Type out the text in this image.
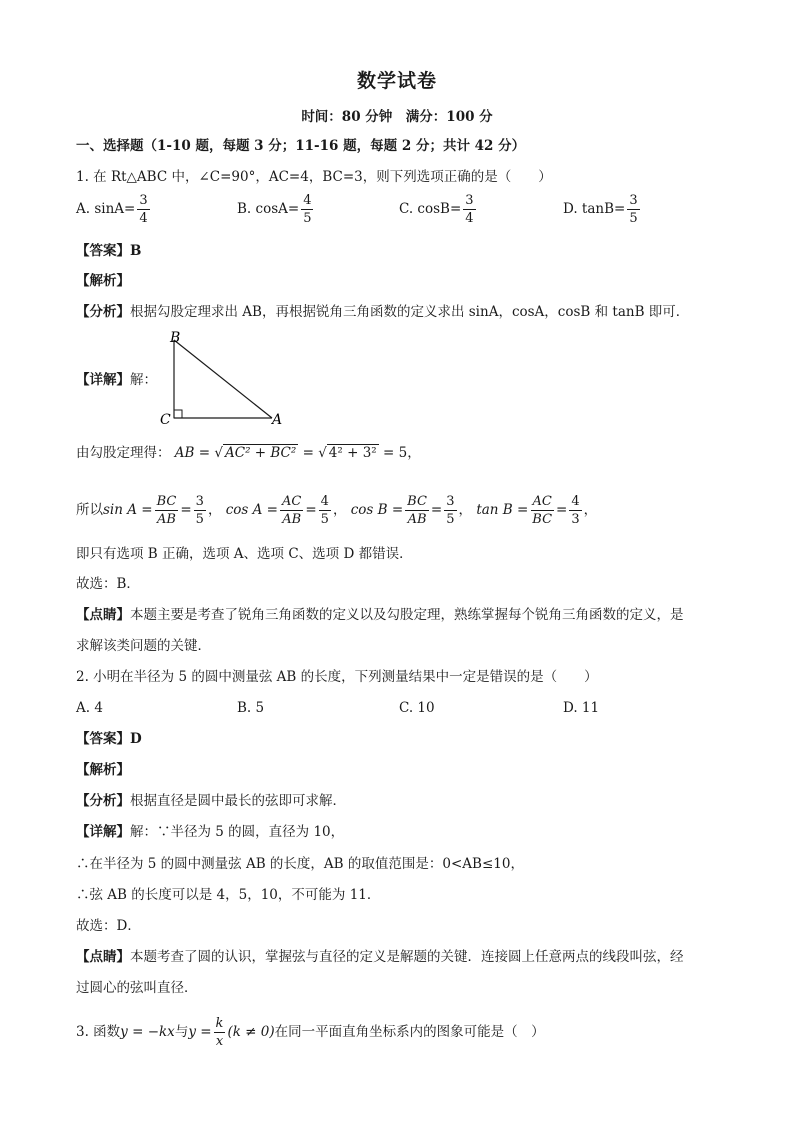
数学试卷
时间：80 分钟　满分：100 分
一、选择题（1-10 题，每题 3 分；11-16 题，每题 2 分；共计 42 分）
1. 在 Rt△ABC 中，∠C=90°，AC=4，BC=3，则下列选项正确的是（　　）
A. $\sin A= \frac{3}{4}$	B. $\cos A= \frac{4}{5}$	C. $\cos B= \frac{3}{4}$	D. $\tan B= \frac{3}{5}$
【答案】B
【解析】
【分析】根据勾股定理求出 AB，再根据锐角三角函数的定义求出 sinA，cosA，cosB 和 tanB 即可．
【详解】解：
B
C	A
由勾股定理得： AB = √ AC² + BC² = √ 4² + 3² = 5，
所以$\sin A = \frac{BC}{AB} = \frac{3}{5}$ ， $\cos A = \frac{AC}{AB} = \frac{4}{5}$ ， $\cos B = \frac{BC}{AB} = \frac{3}{5}$ ， $\tan B = \frac{AC}{BC} = \frac{4}{3}$ ，
即只有选项 B 正确，选项 A、选项 C、选项 D 都错误．
故选：B．
【点睛】本题主要是考查了锐角三角函数的定义以及勾股定理，熟练掌握每个锐角三角函数的定义，是
求解该类问题的关键．
2. 小明在半径为 5 的圆中测量弦 AB 的长度，下列测量结果中一定是错误的是（　　）
A. 4	B. 5	C. 10	D. 11
【答案】D
【解析】
【分析】根据直径是圆中最长的弦即可求解．
【详解】解：∵半径为 5 的圆，直径为 10，
∴在半径为 5 的圆中测量弦 AB 的长度，AB 的取值范围是：0<AB≤10，
∴弦 AB 的长度可以是 4，5，10，不可能为 11．
故选：D．
【点睛】本题考查了圆的认识，掌握弦与直径的定义是解题的关键．连接圆上任意两点的线段叫弦，经
过圆心的弦叫直径．
3. 函数y = −kx与$y = \frac{k}{x} (k \ne 0)$在同一平面直角坐标系内的图象可能是（　）
